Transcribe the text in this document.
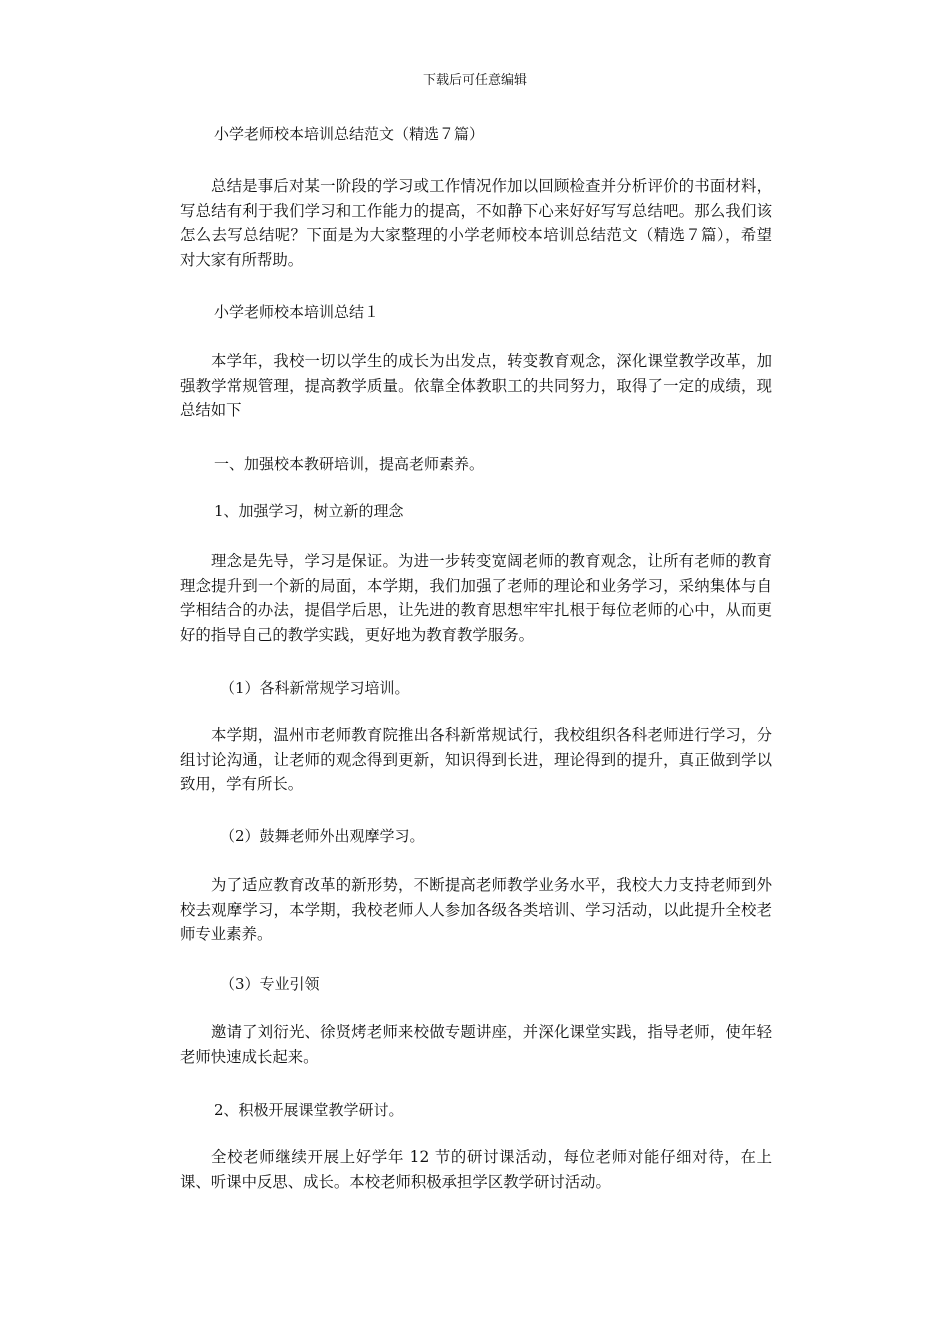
下载后可任意编辑
小学老师校本培训总结范文（精选７篇）
总结是事后对某一阶段的学习或工作情况作加以回顾检查并分析评价的书面材料，写总结有利于我们学习和工作能力的提高，不如静下心来好好写写总结吧。那么我们该怎么去写总结呢？下面是为大家整理的小学老师校本培训总结范文（精选７篇），希望对大家有所帮助。
小学老师校本培训总结１
本学年，我校一切以学生的成长为出发点，转变教育观念，深化课堂教学改革，加强教学常规管理，提高教学质量。依靠全体教职工的共同努力，取得了一定的成绩，现总结如下
一、加强校本教研培训，提高老师素养。
1、加强学习，树立新的理念
理念是先导，学习是保证。为进一步转变宽阔老师的教育观念，让所有老师的教育理念提升到一个新的局面，本学期，我们加强了老师的理论和业务学习，采纳集体与自学相结合的办法，提倡学后思，让先进的教育思想牢牢扎根于每位老师的心中，从而更好的指导自己的教学实践，更好地为教育教学服务。
（1）各科新常规学习培训。
本学期，温州市老师教育院推出各科新常规试行，我校组织各科老师进行学习，分组讨论沟通，让老师的观念得到更新，知识得到长进，理论得到的提升，真正做到学以致用，学有所长。
（2）鼓舞老师外出观摩学习。
为了适应教育改革的新形势，不断提高老师教学业务水平，我校大力支持老师到外校去观摩学习，本学期，我校老师人人参加各级各类培训、学习活动，以此提升全校老师专业素养。
（3）专业引领
邀请了刘衍光、徐贤烤老师来校做专题讲座，并深化课堂实践，指导老师，使年轻老师快速成长起来。
2、积极开展课堂教学研讨。
全校老师继续开展上好学年 12 节的研讨课活动，每位老师对能仔细对待，在上课、听课中反思、成长。本校老师积极承担学区教学研讨活动。
